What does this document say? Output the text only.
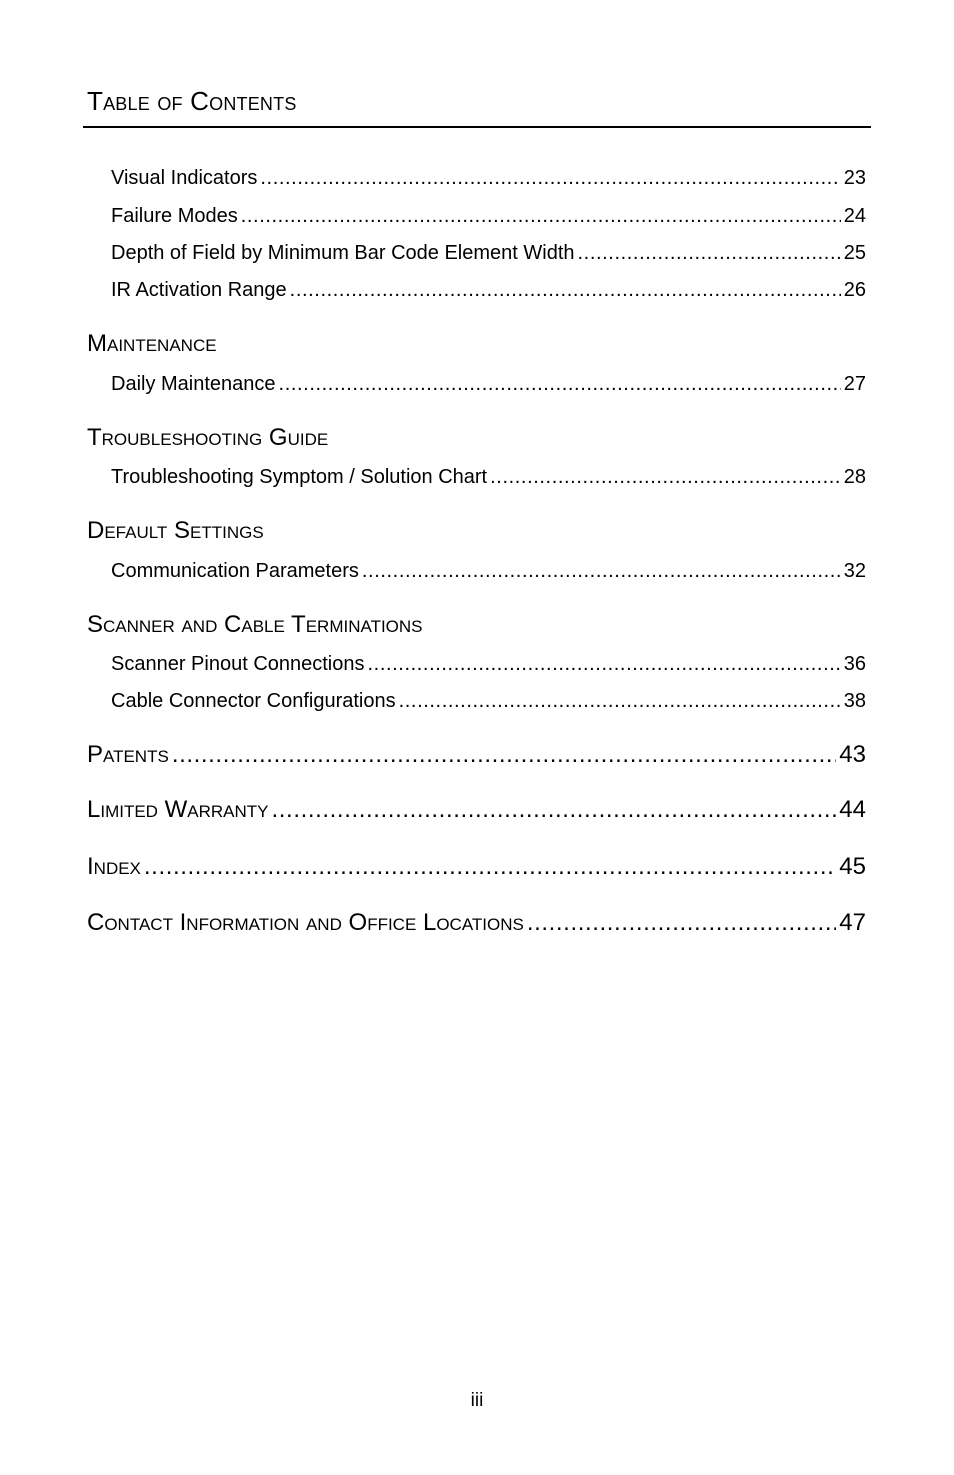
Table of Contents
Visual Indicators .....	23
Failure Modes .....	24
Depth of Field by Minimum Bar Code Element Width .....	25
IR Activation Range .....	26
Maintenance
Daily Maintenance .....	27
Troubleshooting Guide
Troubleshooting Symptom / Solution Chart .....	28
Default Settings
Communication Parameters .....	32
Scanner and Cable Terminations
Scanner Pinout Connections .....	36
Cable Connector Configurations .....	38
Patents .....	43
Limited Warranty .....	44
Index .....	45
Contact Information and Office Locations .....	47
iii
